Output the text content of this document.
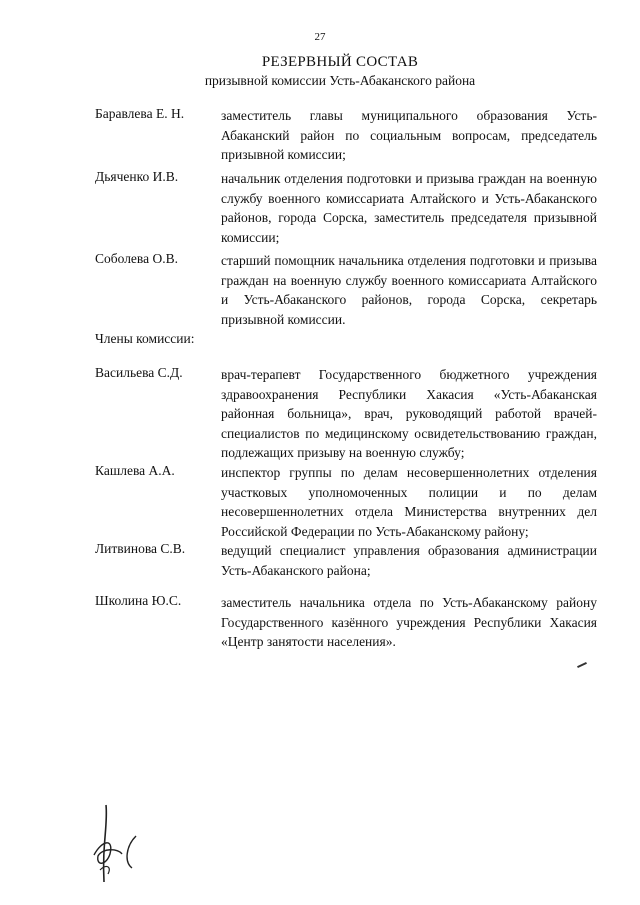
27
РЕЗЕРВНЫЙ СОСТАВ
призывной комиссии Усть-Абаканского района
Баравлева Е. Н.	заместитель главы муниципального образования Усть-Абаканский район по социальным вопросам, председатель призывной комиссии;
Дьяченко И.В.	начальник отделения подготовки и призыва граждан на военную службу военного комиссариата Алтайского и Усть-Абаканского районов, города Сорска, заместитель председателя призывной комиссии;
Соболева О.В.	старший помощник начальника отделения подготовки и призыва граждан на военную службу военного комиссариата Алтайского и Усть-Абаканского районов, города Сорска, секретарь призывной комиссии.
Члены комиссии:
Васильева С.Д.	врач-терапевт Государственного бюджетного учреждения здравоохранения Республики Хакасия «Усть-Абаканская районная больница», врач, руководящий работой врачей-специалистов по медицинскому освидетельствованию граждан, подлежащих призыву на военную службу;
Кашлева А.А.	инспектор группы по делам несовершеннолетних отделения участковых уполномоченных полиции и по делам несовершеннолетних отдела Министерства внутренних дел Российской Федерации по Усть-Абаканскому району;
Литвинова С.В.	ведущий специалист управления образования администрации Усть-Абаканского района;
Школина Ю.С.	заместитель начальника отдела по Усть-Абаканскому району Государственного казённого учреждения Республики Хакасия «Центр занятости населения».
